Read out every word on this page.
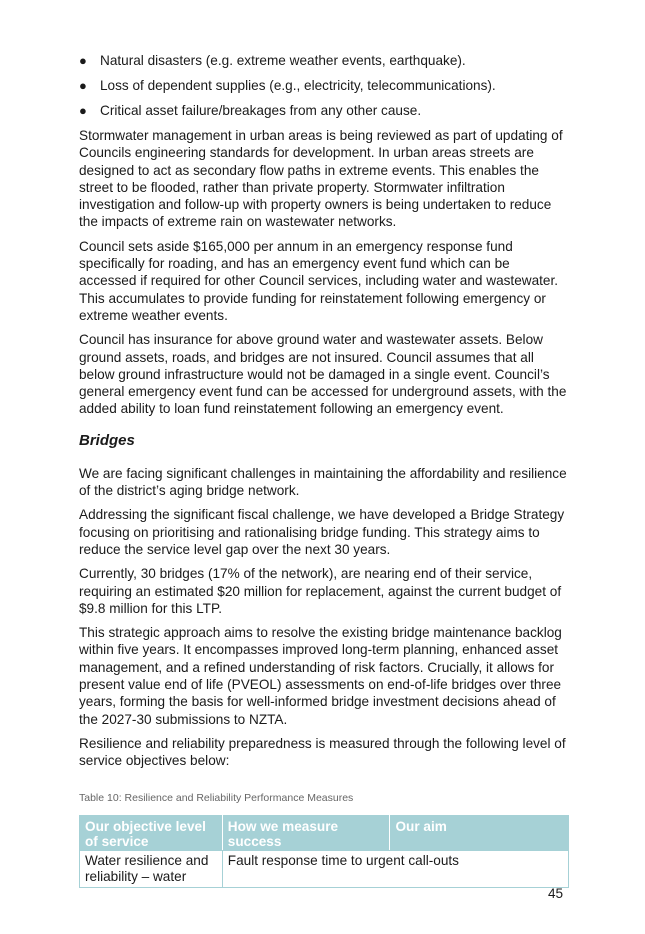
● Natural disasters (e.g. extreme weather events, earthquake).
● Loss of dependent supplies (e.g., electricity, telecommunications).
● Critical asset failure/breakages from any other cause.

Stormwater management in urban areas is being reviewed as part of updating of Councils engineering standards for development. In urban areas streets are designed to act as secondary flow paths in extreme events. This enables the street to be flooded, rather than private property. Stormwater infiltration investigation and follow-up with property owners is being undertaken to reduce the impacts of extreme rain on wastewater networks.

Council sets aside $165,000 per annum in an emergency response fund specifically for roading, and has an emergency event fund which can be accessed if required for other Council services, including water and wastewater. This accumulates to provide funding for reinstatement following emergency or extreme weather events.

Council has insurance for above ground water and wastewater assets. Below ground assets, roads, and bridges are not insured. Council assumes that all below ground infrastructure would not be damaged in a single event. Council’s general emergency event fund can be accessed for underground assets, with the added ability to loan fund reinstatement following an emergency event.

Bridges

We are facing significant challenges in maintaining the affordability and resilience of the district’s aging bridge network.

Addressing the significant fiscal challenge, we have developed a Bridge Strategy focusing on prioritising and rationalising bridge funding. This strategy aims to reduce the service level gap over the next 30 years.

Currently, 30 bridges (17% of the network), are nearing end of their service, requiring an estimated $20 million for replacement, against the current budget of $9.8 million for this LTP.

This strategic approach aims to resolve the existing bridge maintenance backlog within five years. It encompasses improved long-term planning, enhanced asset management, and a refined understanding of risk factors. Crucially, it allows for present value end of life (PVEOL) assessments on end-of-life bridges over three years, forming the basis for well-informed bridge investment decisions ahead of the 2027-30 submissions to NZTA.

Resilience and reliability preparedness is measured through the following level of service objectives below:

Table 10: Resilience and Reliability Performance Measures
Our objective level of service	How we measure success	Our aim
Water resilience and reliability – water	Fault response time to urgent call-outs	
45
